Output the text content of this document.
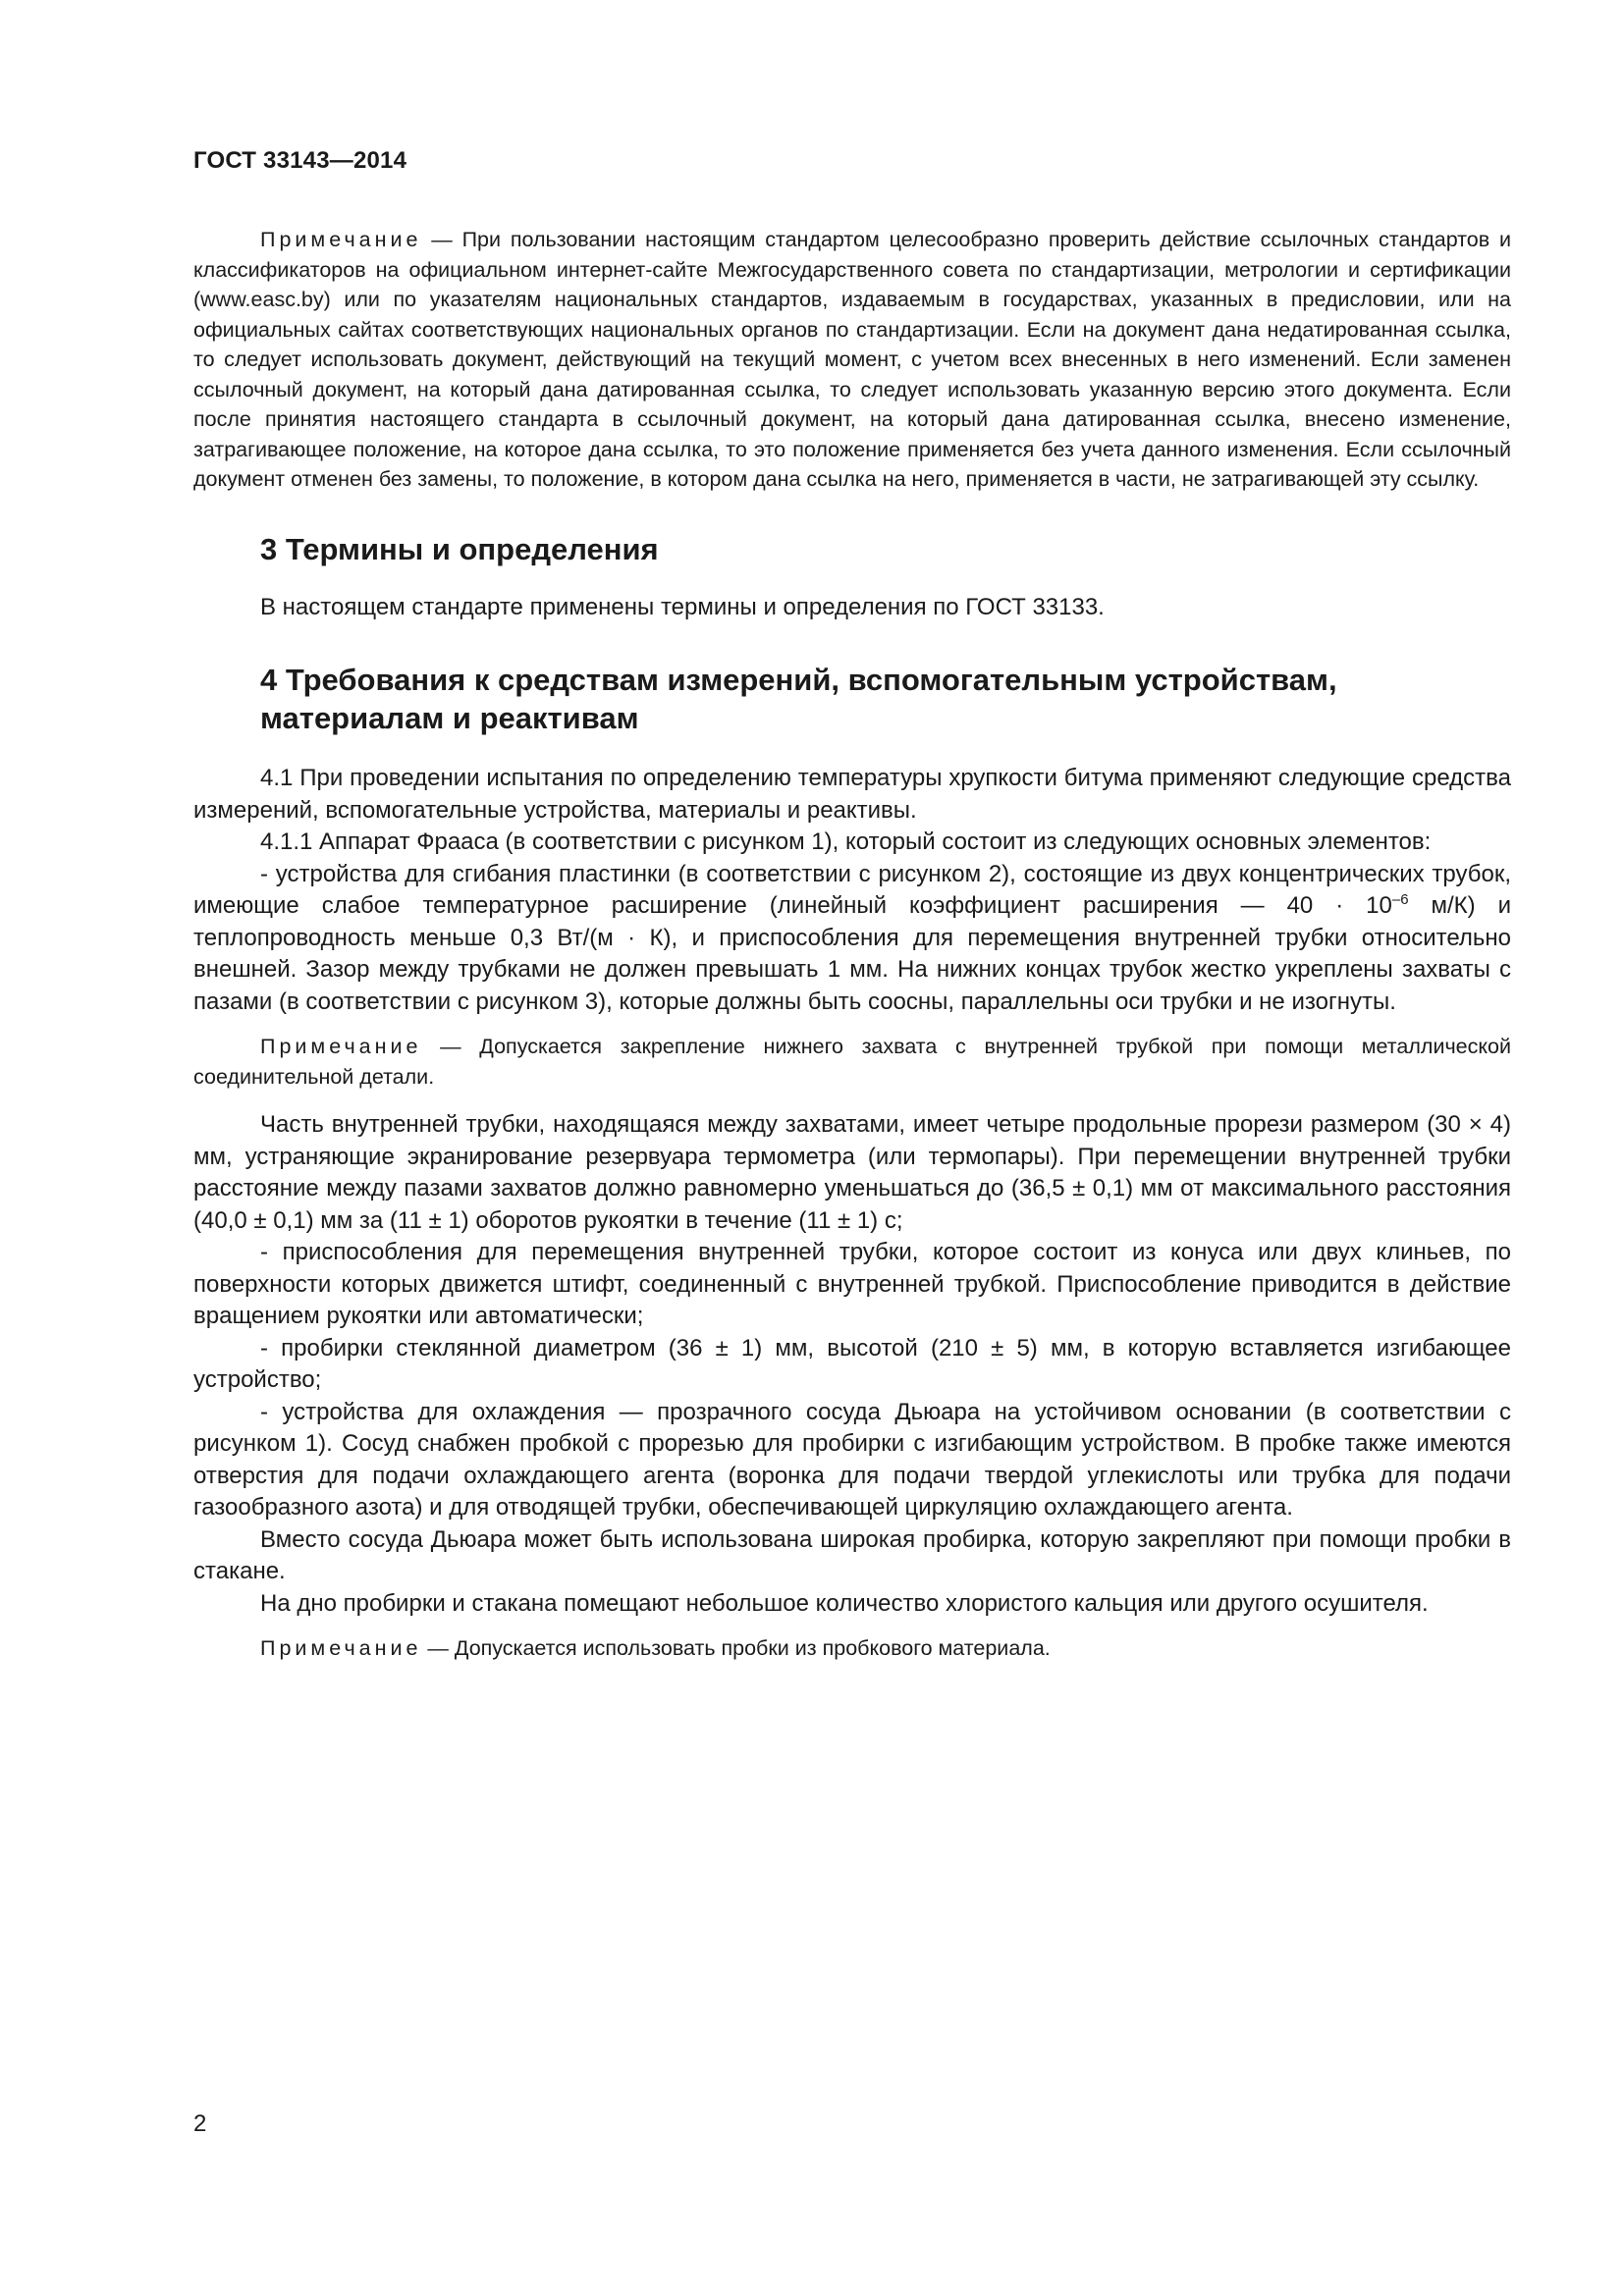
ГОСТ 33143—2014

Примечание — При пользовании настоящим стандартом целесообразно проверить действие ссылочных стандартов и классификаторов на официальном интернет-сайте Межгосударственного совета по стандартизации, метрологии и сертификации (www.easc.by) или по указателям национальных стандартов, издаваемым в государствах, указанных в предисловии, или на официальных сайтах соответствующих национальных органов по стандартизации. Если на документ дана недатированная ссылка, то следует использовать документ, действующий на текущий момент, с учетом всех внесенных в него изменений. Если заменен ссылочный документ, на который дана датированная ссылка, то следует использовать указанную версию этого документа. Если после принятия настоящего стандарта в ссылочный документ, на который дана датированная ссылка, внесено изменение, затрагивающее положение, на которое дана ссылка, то это положение применяется без учета данного изменения. Если ссылочный документ отменен без замены, то положение, в котором дана ссылка на него, применяется в части, не затрагивающей эту ссылку.

3 Термины и определения

В настоящем стандарте применены термины и определения по ГОСТ 33133.

4 Требования к средствам измерений, вспомогательным устройствам, материалам и реактивам

4.1 При проведении испытания по определению температуры хрупкости битума применяют следующие средства измерений, вспомогательные устройства, материалы и реактивы.

4.1.1 Аппарат Фрааса (в соответствии с рисунком 1), который состоит из следующих основных элементов:

- устройства для сгибания пластинки (в соответствии с рисунком 2), состоящие из двух концентрических трубок, имеющие слабое температурное расширение (линейный коэффициент расширения — $40 \cdot 10^{-6}$ м/К) и теплопроводность меньше 0,3 Вт/(м · К), и приспособления для перемещения внутренней трубки относительно внешней. Зазор между трубками не должен превышать 1 мм. На нижних концах трубок жестко укреплены захваты с пазами (в соответствии с рисунком 3), которые должны быть соосны, параллельны оси трубки и не изогнуты.

Примечание — Допускается закрепление нижнего захвата с внутренней трубкой при помощи металлической соединительной детали.

Часть внутренней трубки, находящаяся между захватами, имеет четыре продольные прорези размером (30 × 4) мм, устраняющие экранирование резервуара термометра (или термопары). При перемещении внутренней трубки расстояние между пазами захватов должно равномерно уменьшаться до (36,5 ± 0,1) мм от максимального расстояния (40,0 ± 0,1) мм за (11 ± 1) оборотов рукоятки в течение (11 ± 1) с;

- приспособления для перемещения внутренней трубки, которое состоит из конуса или двух клиньев, по поверхности которых движется штифт, соединенный с внутренней трубкой. Приспособление приводится в действие вращением рукоятки или автоматически;

- пробирки стеклянной диаметром (36 ± 1) мм, высотой (210 ± 5) мм, в которую вставляется изгибающее устройство;

- устройства для охлаждения — прозрачного сосуда Дьюара на устойчивом основании (в соответствии с рисунком 1). Сосуд снабжен пробкой с прорезью для пробирки с изгибающим устройством. В пробке также имеются отверстия для подачи охлаждающего агента (воронка для подачи твердой углекислоты или трубка для подачи газообразного азота) и для отводящей трубки, обеспечивающей циркуляцию охлаждающего агента.

Вместо сосуда Дьюара может быть использована широкая пробирка, которую закрепляют при помощи пробки в стакане.

На дно пробирки и стакана помещают небольшое количество хлористого кальция или другого осушителя.

Примечание — Допускается использовать пробки из пробкового материала.

2
